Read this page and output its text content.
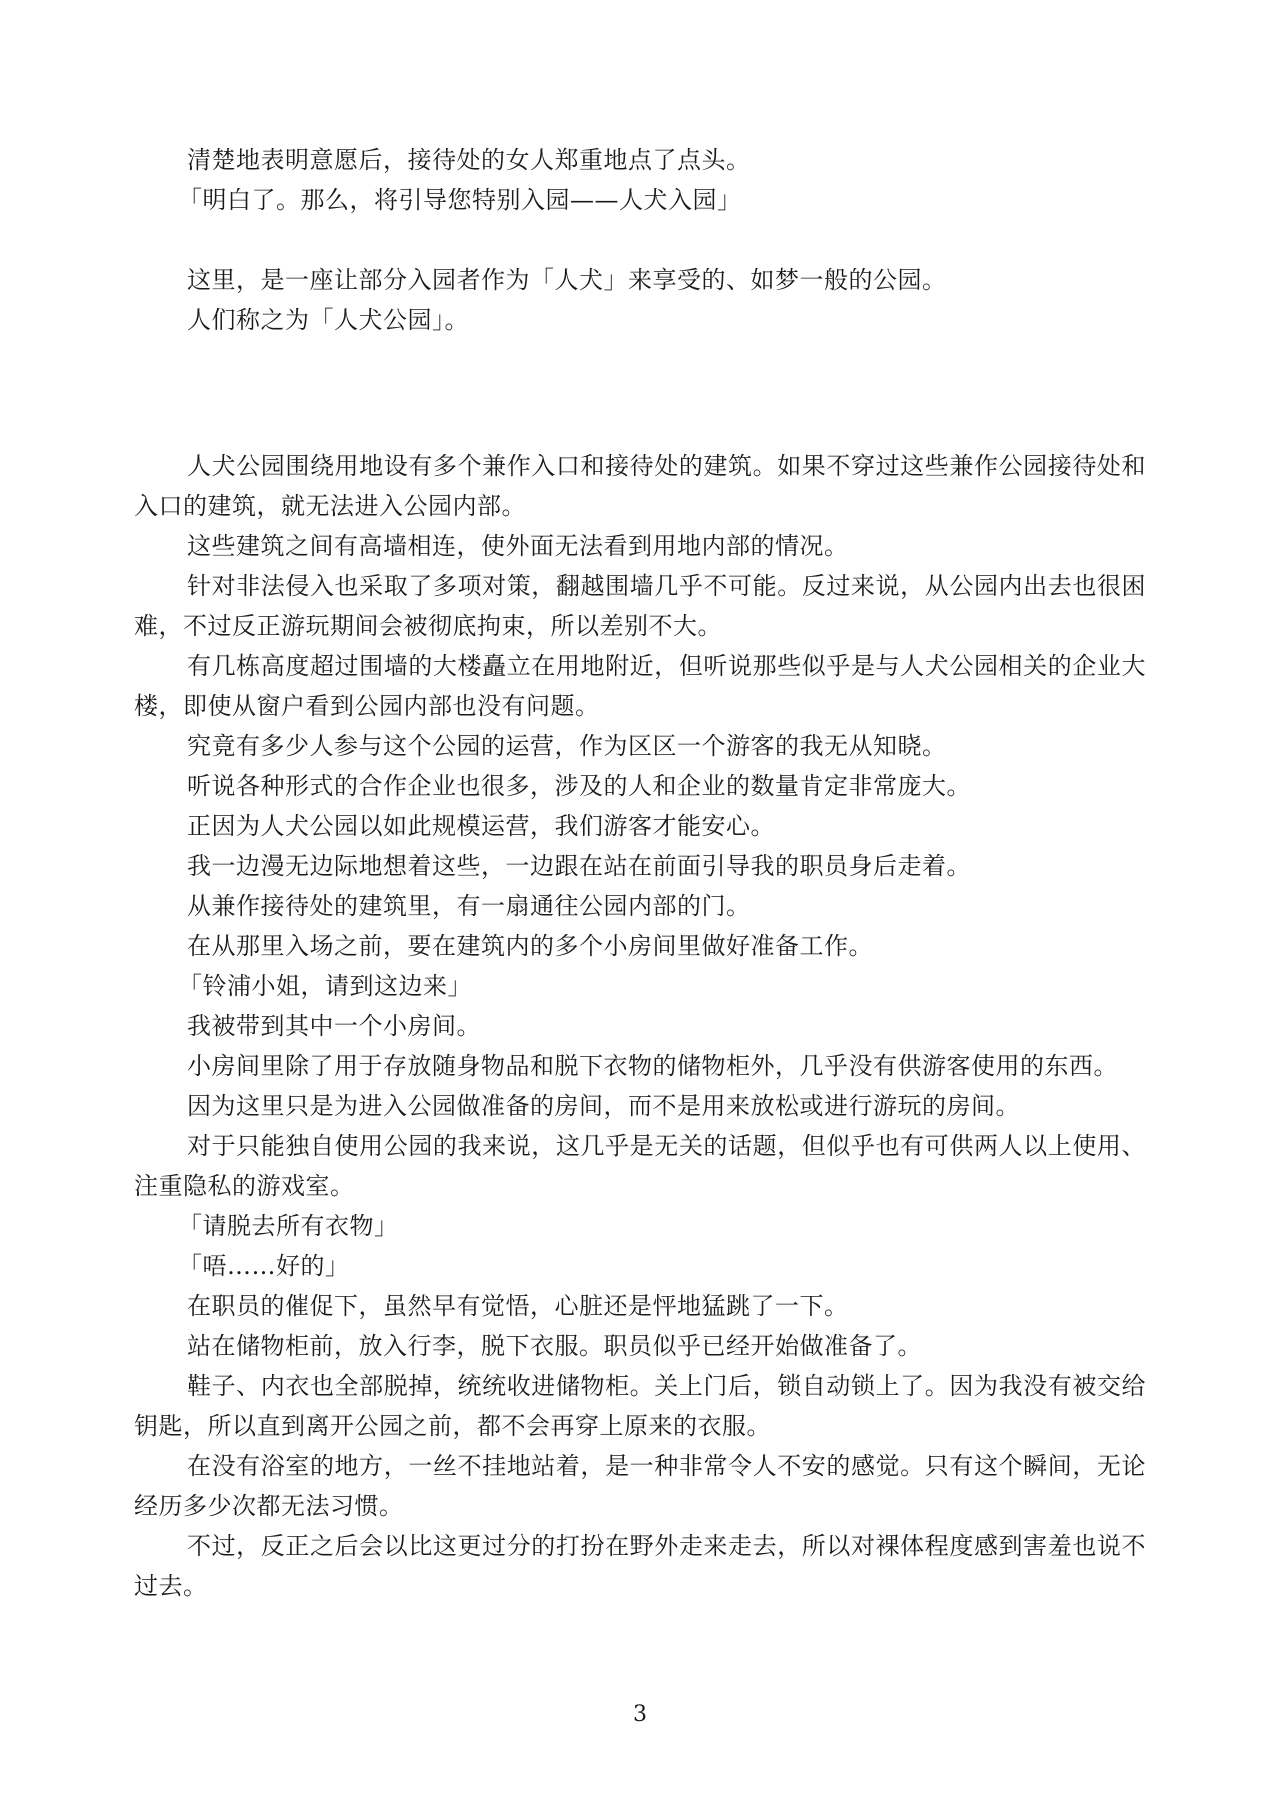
清楚地表明意愿后，接待处的女人郑重地点了点头。

「明白了。那么，将引导您特别入园——人犬入园」

这里，是一座让部分入园者作为「人犬」来享受的、如梦一般的公园。

人们称之为「人犬公园」。

人犬公园围绕用地设有多个兼作入口和接待处的建筑。如果不穿过这些兼作公园接待处和入口的建筑，就无法进入公园内部。

这些建筑之间有高墙相连，使外面无法看到用地内部的情况。

针对非法侵入也采取了多项对策，翻越围墙几乎不可能。反过来说，从公园内出去也很困难，不过反正游玩期间会被彻底拘束，所以差别不大。

有几栋高度超过围墙的大楼矗立在用地附近，但听说那些似乎是与人犬公园相关的企业大楼，即使从窗户看到公园内部也没有问题。

究竟有多少人参与这个公园的运营，作为区区一个游客的我无从知晓。

听说各种形式的合作企业也很多，涉及的人和企业的数量肯定非常庞大。

正因为人犬公园以如此规模运营，我们游客才能安心。

我一边漫无边际地想着这些，一边跟在站在前面引导我的职员身后走着。

从兼作接待处的建筑里，有一扇通往公园内部的门。

在从那里入场之前，要在建筑内的多个小房间里做好准备工作。

「铃浦小姐，请到这边来」

我被带到其中一个小房间。

小房间里除了用于存放随身物品和脱下衣物的储物柜外，几乎没有供游客使用的东西。

因为这里只是为进入公园做准备的房间，而不是用来放松或进行游玩的房间。

对于只能独自使用公园的我来说，这几乎是无关的话题，但似乎也有可供两人以上使用、注重隐私的游戏室。

「请脱去所有衣物」

「唔……好的」

在职员的催促下，虽然早有觉悟，心脏还是怦地猛跳了一下。

站在储物柜前，放入行李，脱下衣服。职员似乎已经开始做准备了。

鞋子、内衣也全部脱掉，统统收进储物柜。关上门后，锁自动锁上了。因为我没有被交给钥匙，所以直到离开公园之前，都不会再穿上原来的衣服。

在没有浴室的地方，一丝不挂地站着，是一种非常令人不安的感觉。只有这个瞬间，无论经历多少次都无法习惯。

不过，反正之后会以比这更过分的打扮在野外走来走去，所以对裸体程度感到害羞也说不过去。

3
